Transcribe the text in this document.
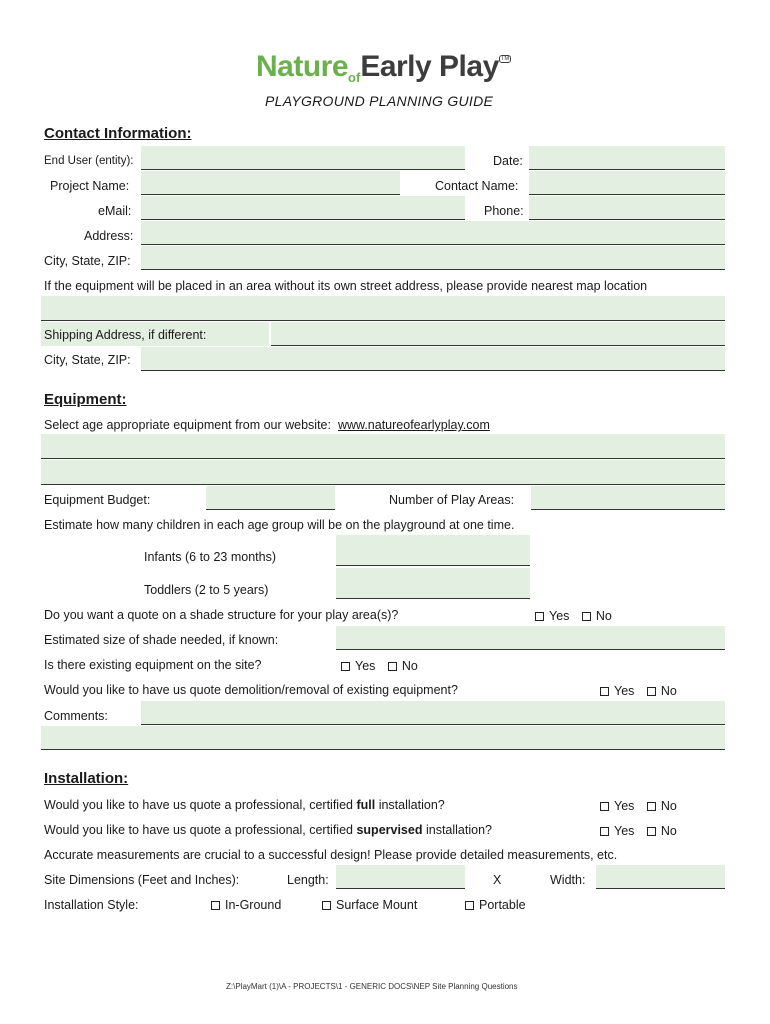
Nature$_{of}$Early Play ™
PLAYGROUND PLANNING GUIDE
Contact Information:
End User (entity):	Date:
Project Name:	Contact Name:
eMail:	Phone:
Address:
City, State, ZIP:
If the equipment will be placed in an area without its own street address, please provide nearest map location
Shipping Address, if different:
City, State, ZIP:
Equipment:
Select age appropriate equipment from our website: www.natureofearlyplay.com
Equipment Budget:	Number of Play Areas:
Estimate how many children in each age group will be on the playground at one time.
Infants (6 to 23 months)
Toddlers (2 to 5 years)
Do you want a quote on a shade structure for your play area(s)?	Yes No
Estimated size of shade needed, if known:
Is there existing equipment on the site?	Yes No
Would you like to have us quote demolition/removal of existing equipment?	Yes No
Comments:
Installation:
Would you like to have us quote a professional, certified full installation?	Yes No
Would you like to have us quote a professional, certified supervised installation?	Yes No
Accurate measurements are crucial to a successful design! Please provide detailed measurements, etc.
Site Dimensions (Feet and Inches):	Length:	X	Width:
Installation Style:	In-Ground	Surface Mount	Portable
Z:\PlayMart (1)\A - PROJECTS\1 - GENERIC DOCS\NEP Site Planning Questions
